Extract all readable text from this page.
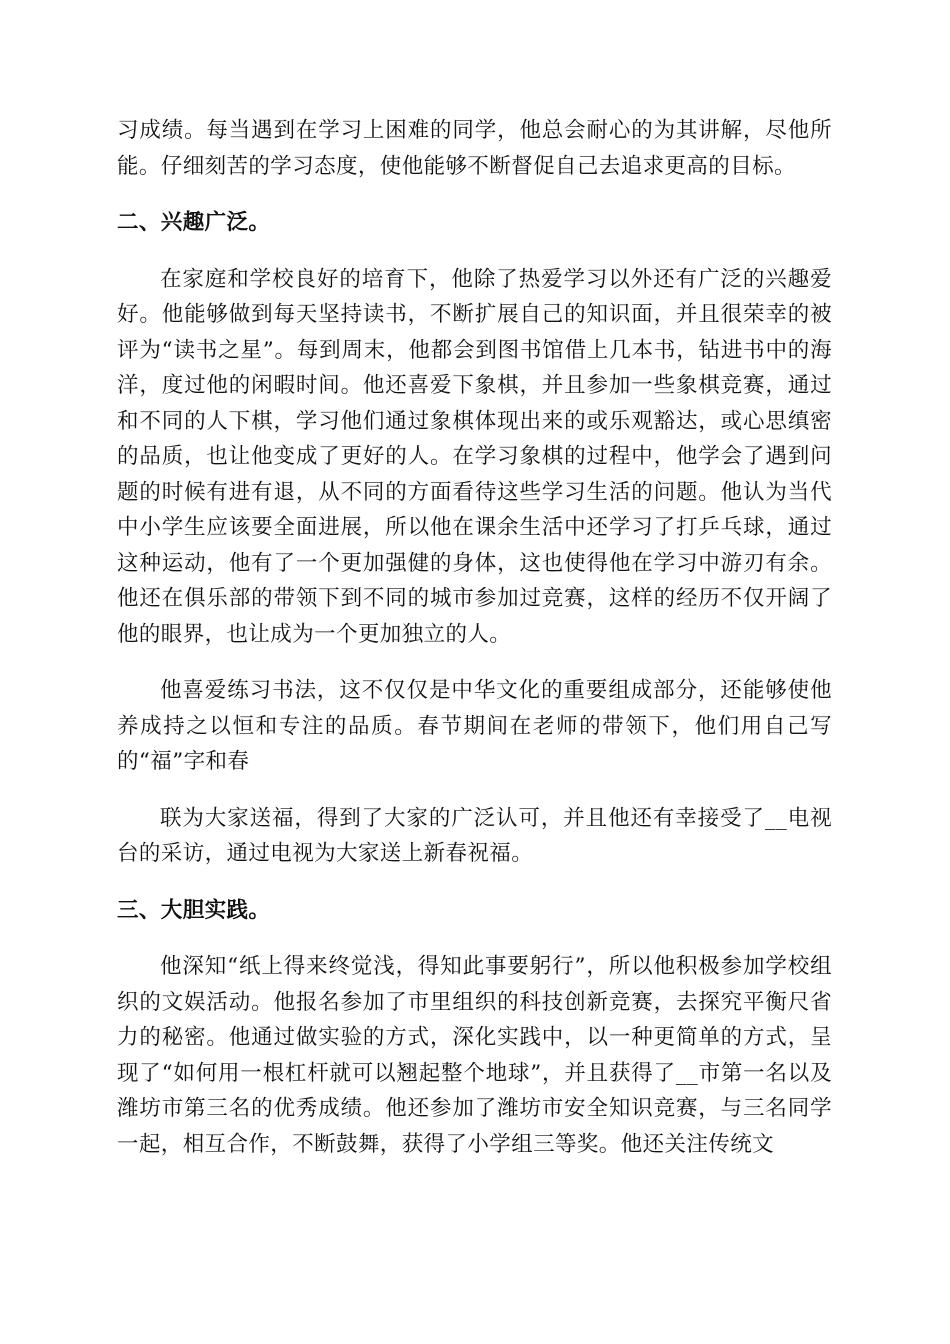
习成绩。每当遇到在学习上困难的同学，他总会耐心的为其讲解，尽他所能。仔细刻苦的学习态度，使他能够不断督促自己去追求更高的目标。

二、兴趣广泛。

在家庭和学校良好的培育下，他除了热爱学习以外还有广泛的兴趣爱好。他能够做到每天坚持读书，不断扩展自己的知识面，并且很荣幸的被评为“读书之星”。每到周末，他都会到图书馆借上几本书，钻进书中的海洋，度过他的闲暇时间。他还喜爱下象棋，并且参加一些象棋竞赛，通过和不同的人下棋，学习他们通过象棋体现出来的或乐观豁达，或心思缜密的品质，也让他变成了更好的人。在学习象棋的过程中，他学会了遇到问题的时候有进有退，从不同的方面看待这些学习生活的问题。他认为当代中小学生应该要全面进展，所以他在课余生活中还学习了打乒乓球，通过这种运动，他有了一个更加强健的身体，这也使得他在学习中游刃有余。他还在俱乐部的带领下到不同的城市参加过竞赛，这样的经历不仅开阔了他的眼界，也让成为一个更加独立的人。

他喜爱练习书法，这不仅仅是中华文化的重要组成部分，还能够使他养成持之以恒和专注的品质。春节期间在老师的带领下，他们用自己写的“福”字和春

联为大家送福，得到了大家的广泛认可，并且他还有幸接受了__电视台的采访，通过电视为大家送上新春祝福。

三、大胆实践。

他深知“纸上得来终觉浅，得知此事要躬行”，所以他积极参加学校组织的文娱活动。他报名参加了市里组织的科技创新竞赛，去探究平衡尺省力的秘密。他通过做实验的方式，深化实践中，以一种更简单的方式，呈现了“如何用一根杠杆就可以翘起整个地球”，并且获得了__市第一名以及潍坊市第三名的优秀成绩。他还参加了潍坊市安全知识竞赛，与三名同学一起，相互合作，不断鼓舞，获得了小学组三等奖。他还关注传统文
